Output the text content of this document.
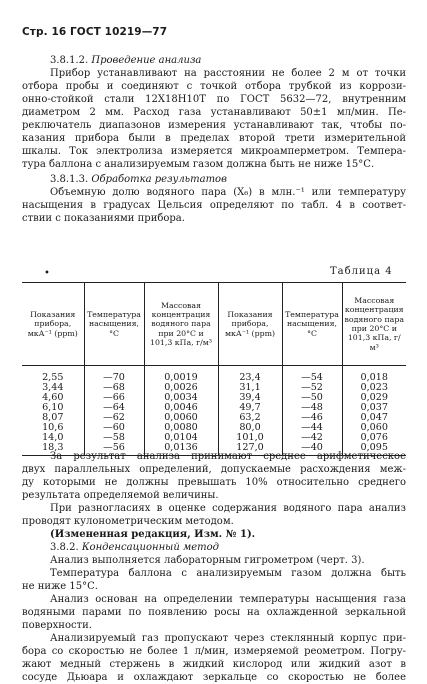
Стр. 16 ГОСТ 10219—77
3.8.1.2. Проведение анализа
Прибор устанавливают на расстоянии не более 2 м от точки
отбора пробы и соединяют с точкой отбора трубкой из коррози-
онно-стойкой стали 12Х18Н10Т по ГОСТ 5632—72, внутренним
диаметром 2 мм. Расход газа устанавливают 50±1 мл/мин. Пе-
реключатель диапазонов измерения устанавливают так, чтобы по-
казания прибора были в пределах второй трети измерительной
шкалы. Ток электролиза измеряется микроамперметром. Темпера-
тура баллона с анализируемым газом должна быть не ниже 15°С.
3.8.1.3. Обработка результатов
Объемную долю водяного пара (X₆) в млн.⁻¹ или температуру
насыщения в градусах Цельсия определяют по табл. 4 в соответ-
ствии с показаниями прибора.
•	Таблица 4
Показания прибора, мкА⁻¹ (ppm)	Температура насыщения, °С	Массовая концентрация водяного пара при 20°С и 101,3 кПа, г/м³	Показания прибора, мкА⁻¹ (ppm)	Температура насыщения, °С	Массовая концентрация водяного пара при 20°С и 101,3 кПа, г/м³
2,55	—70	0,0019	23,4	—54	0,018
3,44	—68	0,0026	31,1	—52	0,023
4,60	—66	0,0034	39,4	—50	0,029
6,10	—64	0,0046	49,7	—48	0,037
8,07	—62	0,0060	63,2	—46	0,047
10,6	—60	0,0080	80,0	—44	0,060
14,0	—58	0,0104	101,0	—42	0,076
18,3	—56	0,0136	127,0	—40	0,095
За результат анализа принимают среднее арифметическое
двух параллельных определений, допускаемые расхождения меж-
ду которыми не должны превышать 10% относительно среднего
результата определяемой величины.
При разногласиях в оценке содержания водяного пара анализ
проводят кулонометрическим методом.
(Измененная редакция, Изм. № 1).
3.8.2. Конденсационный метод
Анализ выполняется лабораторным гигрометром (черт. 3).
Температура баллона с анализируемым газом должна быть
не ниже 15°С.
Анализ основан на определении температуры насыщения газа
водяными парами по появлению росы на охлажденной зеркальной
поверхности.
Анализируемый газ пропускают через стеклянный корпус при-
бора со скоростью не более 1 л/мин, измеряемой реометром. Погру-
жают медный стержень в жидкий кислород или жидкий азот в
сосуде Дьюара и охлаждают зеркальце со скоростью не более
